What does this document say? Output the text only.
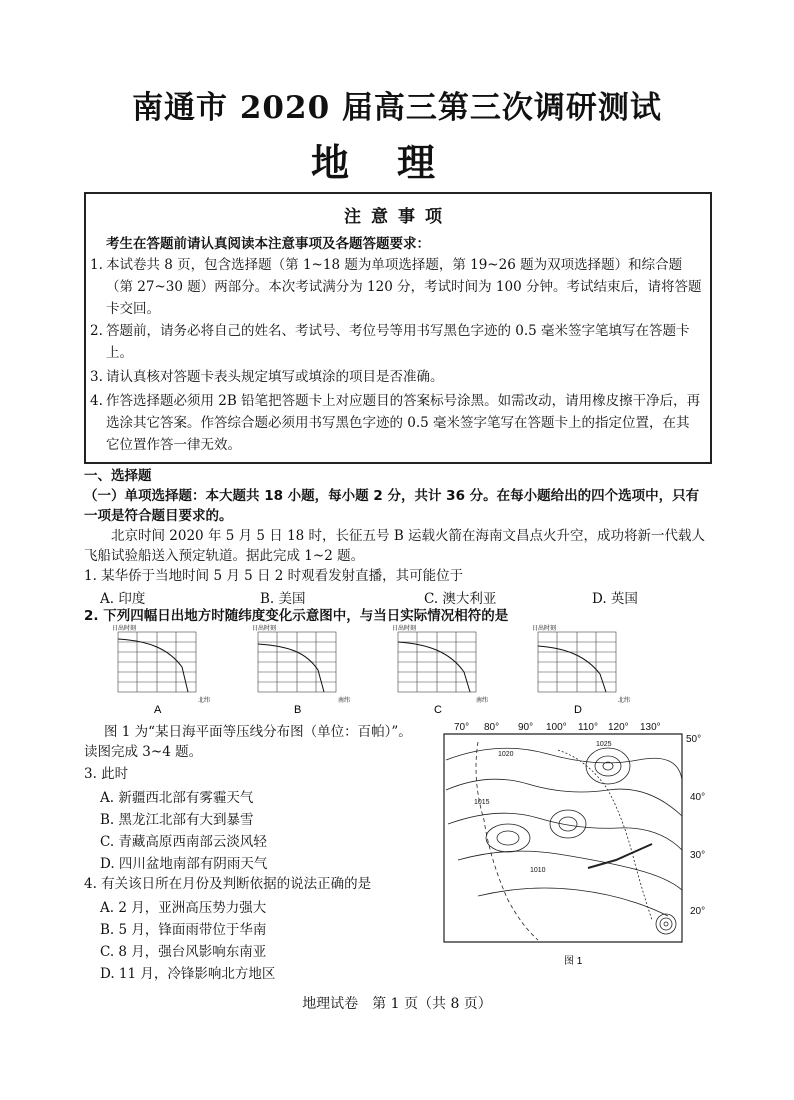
南通市 2020 届高三第三次调研测试
地理
注意事项
考生在答题前请认真阅读本注意事项及各题答题要求：
1. 本试卷共 8 页，包含选择题（第 1~18 题为单项选择题，第 19~26 题为双项选择题）和综合题（第 27~30 题）两部分。本次考试满分为 120 分，考试时间为 100 分钟。考试结束后，请将答题卡交回。
2. 答题前，请务必将自己的姓名、考试号、考位号等用书写黑色字迹的 0.5 毫米签字笔填写在答题卡上。
3. 请认真核对答题卡表头规定填写或填涂的项目是否准确。
4. 作答选择题必须用 2B 铅笔把答题卡上对应题目的答案标号涂黑。如需改动，请用橡皮擦干净后，再选涂其它答案。作答综合题必须用书写黑色字迹的 0.5 毫米签字笔写在答题卡上的指定位置，在其它位置作答一律无效。
一、选择题
（一）单项选择题：本大题共 18 小题，每小题 2 分，共计 36 分。在每小题给出的四个选项中，只有一项是符合题目要求的。
北京时间 2020 年 5 月 5 日 18 时，长征五号 B 运载火箭在海南文昌点火升空，成功将新一代载人飞船试验船送入预定轨道。据此完成 1~2 题。
1. 某华侨于当地时间 5 月 5 日 2 时观看发射直播，其可能位于
A. 印度	B. 美国	C. 澳大利亚	D. 英国
2. 下列四幅日出地方时随纬度变化示意图中，与当日实际情况相符的是
日出时刻
北纬
A
日出时刻
南纬
B
日出时刻
南纬
C
日出时刻
北纬
D
图 1 为“某日海平面等压线分布图（单位：百帕）”。
读图完成 3~4 题。
3. 此时
A. 新疆西北部有雾霾天气
B. 黑龙江北部有大到暴雪
C. 青藏高原西南部云淡风轻
D. 四川盆地南部有阴雨天气
4. 有关该日所在月份及判断依据的说法正确的是
A. 2 月，亚洲高压势力强大
B. 5 月，锋面雨带位于华南
C. 8 月，强台风影响东南亚
D. 11 月，冷锋影响北方地区
70° 80° 90° 100° 110° 120° 130°
50°
40°
30°
20°
1020
1015
1010
1025
图 1
地理试卷　第 1 页（共 8 页）
